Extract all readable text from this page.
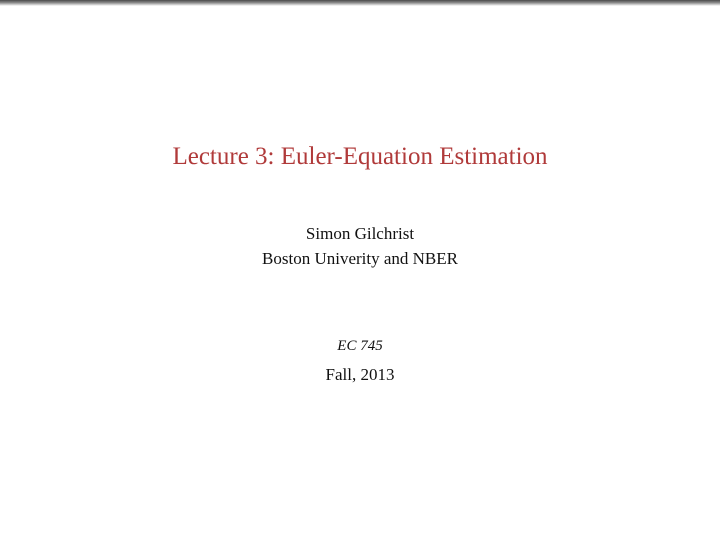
Lecture 3: Euler-Equation Estimation
Simon Gilchrist
Boston Univerity and NBER
EC 745
Fall, 2013
